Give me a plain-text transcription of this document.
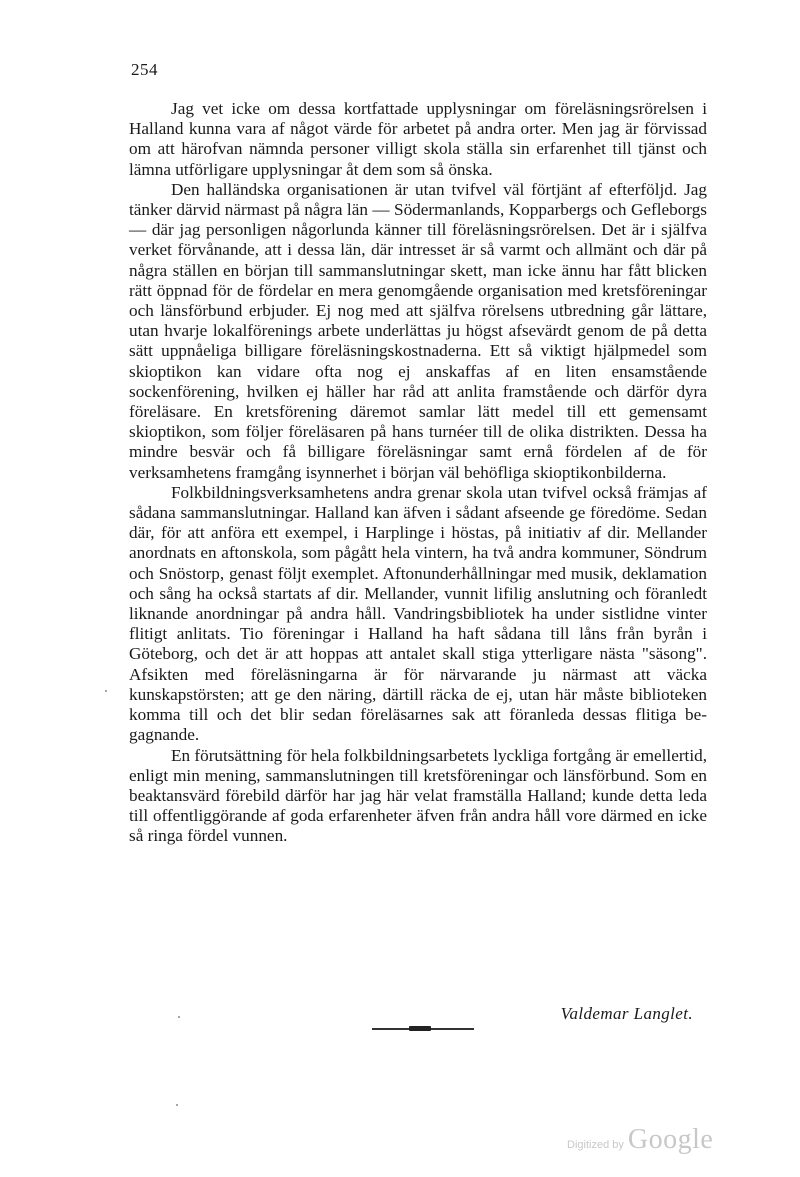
254

Jag vet icke om dessa kortfattade upplysningar om föreläsningsrörelsen i Halland kunna vara af något värde för arbetet på andra orter. Men jag är förvissad om att härofvan nämnda personer villigt skola ställa sin erfarenhet till tjänst och lämna utförligare upplysningar åt dem som så önska.

Den halländska organisationen är utan tvifvel väl förtjänt af efterföljd. Jag tänker därvid närmast på några län — Södermanlands, Kopparbergs och Gefleborgs — där jag personligen någorlunda känner till föreläsningsrörelsen. Det är i själfva verket förvånande, att i dessa län, där intresset är så varmt och allmänt och där på några ställen en början till sammanslutningar skett, man icke ännu har fått blicken rätt öppnad för de fördelar en mera genomgående organisation med kretsföreningar och länsförbund erbjuder. Ej nog med att själfva rörelsens utbredning går lättare, utan hvarje lokalförenings arbete underlättas ju högst afsevärdt genom de på detta sätt uppnåeliga billigare föreläsningskostnaderna. Ett så viktigt hjälpmedel som skioptikon kan vidare ofta nog ej anskaffas af en liten ensamstående sockenförening, hvilken ej häller har råd att anlita framstående och därför dyra föreläsare. En kretsförening däremot samlar lätt medel till ett gemensamt skioptikon, som följer föreläsaren på hans turnéer till de olika distrikten. Dessa ha mindre besvär och få billigare föreläsningar samt ernå fördelen af de för verksamhetens framgång isynnerhet i början väl behöfliga skioptikonbilderna.

Folkbildningsverksamhetens andra grenar skola utan tvifvel också främjas af sådana sammanslutningar. Halland kan äfven i sådant afseende ge föredöme. Sedan där, för att anföra ett exempel, i Harplinge i höstas, på initiativ af dir. Mellander anordnats en aftonskola, som pågått hela vintern, ha två andra kommuner, Söndrum och Snöstorp, genast följt exemplet. Aftonunderhållningar med musik, deklamation och sång ha också startats af dir. Mellander, vunnit lifilig anslutning och föranledt liknande anordningar på andra håll. Vandringsbibliotek ha under sistlidne vinter flitigt anlitats. Tio föreningar i Halland ha haft sådana till låns från byrån i Göteborg, och det är att hoppas att antalet skall stiga ytterligare nästa "säsong". Afsikten med föreläsningarna är för närvarande ju närmast att väcka kunskapstörsten; att ge den näring, därtill räcka de ej, utan här måste biblioteken komma till och det blir sedan föreläsarnes sak att föranleda dessas flitiga begagnande.

En förutsättning för hela folkbildningsarbetets lyckliga fortgång är emellertid, enligt min mening, sammanslutningen till kretsföreningar och länsförbund. Som en beaktansvärd förebild därför har jag här velat framställa Halland; kunde detta leda till offentliggörande af goda erfarenheter äfven från andra håll vore därmed en icke så ringa fördel vunnen.

Valdemar Langlet.
Digitized by Google
